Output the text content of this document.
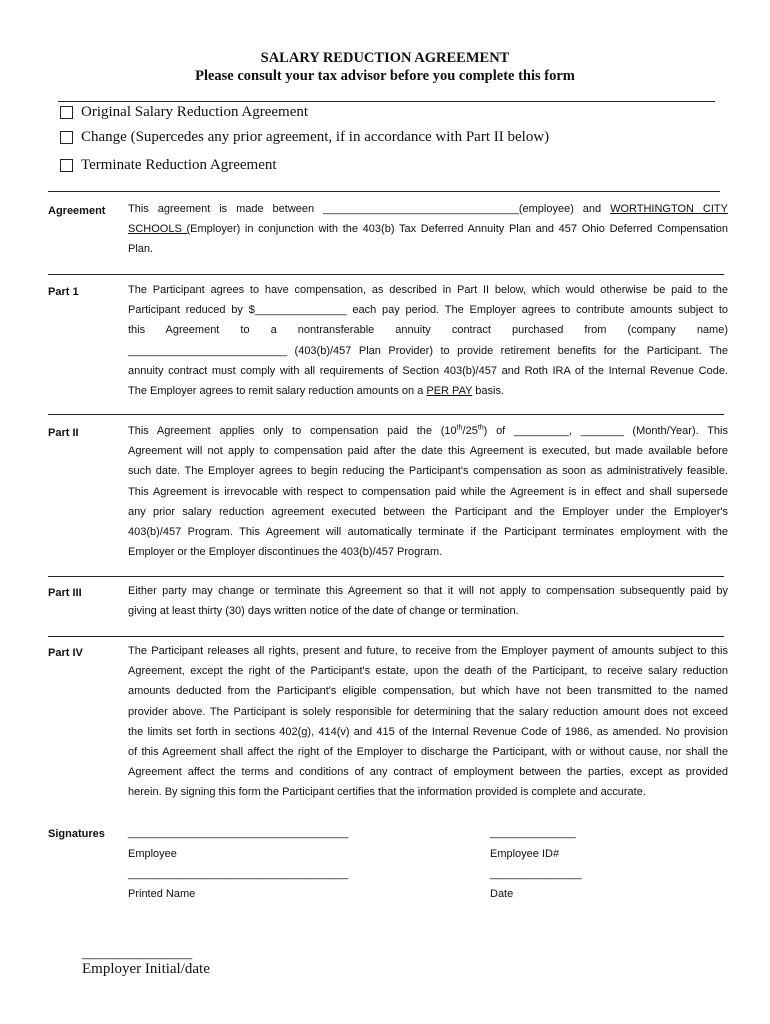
SALARY REDUCTION AGREEMENT
Please consult your tax advisor before you complete this form
Original Salary Reduction Agreement
Change (Supercedes any prior agreement, if in accordance with Part II below)
Terminate Reduction Agreement
Agreement This agreement is made between ________________________________(employee) and WORTHINGTON CITY
SCHOOLS (Employer) in conjunction with the 403(b) Tax Deferred Annuity Plan and 457 Ohio Deferred Compensation
Plan.
Part 1	The Participant agrees to have compensation, as described in Part II below, which would otherwise be paid to the
Participant reduced by $_______________ each pay period. The Employer agrees to contribute amounts subject to
this Agreement to a nontransferable annuity contract purchased from (company name)
__________________________ (403(b)/457 Plan Provider) to provide retirement benefits for the Participant. The
annuity contract must comply with all requirements of Section 403(b)/457 and Roth IRA of the Internal Revenue Code.
The Employer agrees to remit salary reduction amounts on a PER PAY basis.
Part II	This Agreement applies only to compensation paid the (10th/25th) of _________, _______ (Month/Year). This
Agreement will not apply to compensation paid after the date this Agreement is executed, but made available before
such date. The Employer agrees to begin reducing the Participant's compensation as soon as administratively feasible.
This Agreement is irrevocable with respect to compensation paid while the Agreement is in effect and shall supersede
any prior salary reduction agreement executed between the Participant and the Employer under the Employer's
403(b)/457 Program. This Agreement will automatically terminate if the Participant terminates employment with the
Employer or the Employer discontinues the 403(b)/457 Program.
Part III	Either party may change or terminate this Agreement so that it will not apply to compensation subsequently paid by
giving at least thirty (30) days written notice of the date of change or termination.
Part IV	The Participant releases all rights, present and future, to receive from the Employer payment of amounts subject to this
Agreement, except the right of the Participant's estate, upon the death of the Participant, to receive salary reduction
amounts deducted from the Participant's eligible compensation, but which have not been transmitted to the named
provider above. The Participant is solely responsible for determining that the salary reduction amount does not exceed
the limits set forth in sections 402(g), 414(v) and 415 of the Internal Revenue Code of 1986, as amended. No provision
of this Agreement shall affect the right of the Employer to discharge the Participant, with or without cause, nor shall the
Agreement affect the terms and conditions of any contract of employment between the parties, except as provided
herein. By signing this form the Participant certifies that the information provided is complete and accurate.
Signatures ____________________________________
Employee
______________
Employee ID#
____________________________________
Printed Name
_______________
Date
__________________
Employer Initial/date
